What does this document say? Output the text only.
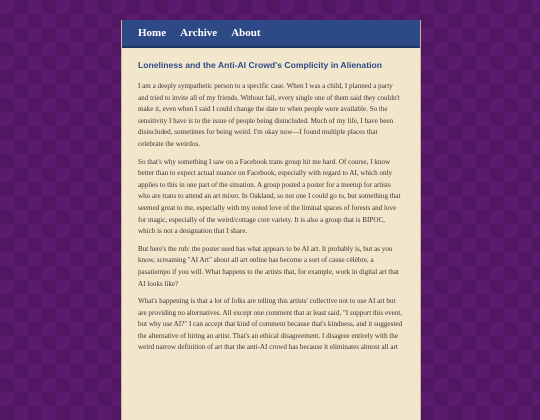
Home Archive About
Loneliness and the Anti-AI Crowd's Complicity in Alienation

I am a deeply sympathetic person to a specific case. When I was a child, I planned a party and tried to invite all of my friends. Without fail, every single one of them said they couldn't make it, even when I said I could change the date to when people were available. So the sensitivity I have is to the issue of people being disincluded. Much of my life, I have been disincluded, sometimes for being weird. I'm okay now—I found multiple places that celebrate the weirdos.

So that's why something I saw on a Facebook trans group hit me hard. Of course, I know better than to expect actual nuance on Facebook, especially with regard to AI, which only applies to this in one part of the situation. A group posted a poster for a meetup for artists who are trans to attend an art mixer. In Oakland, so not one I could go to, but something that seemed great to me, especially with my noted love of the liminal spaces of forests and love for magic, especially of the weird/cottage core variety. It is also a group that is BIPOC, which is not a designation that I share.

But here's the rub: the poster used has what appears to be AI art. It probably is, but as you know, screaming "AI Art" about all art online has become a sort of cause célèbre, a pasatiempo if you will. What happens to the artists that, for example, work in digital art that AI looks like?

What's happening is that a lot of folks are telling this artists' collective not to use AI art but are providing no alternatives. All except one comment that at least said, "I support this event, but why use AI?" I can accept that kind of comment because that's kindness, and it suggested the alternative of hiring an artist. That's an ethical disagreement. I disagree entirely with the weird narrow definition of art that the anti-AI crowd has because it eliminates almost all art
